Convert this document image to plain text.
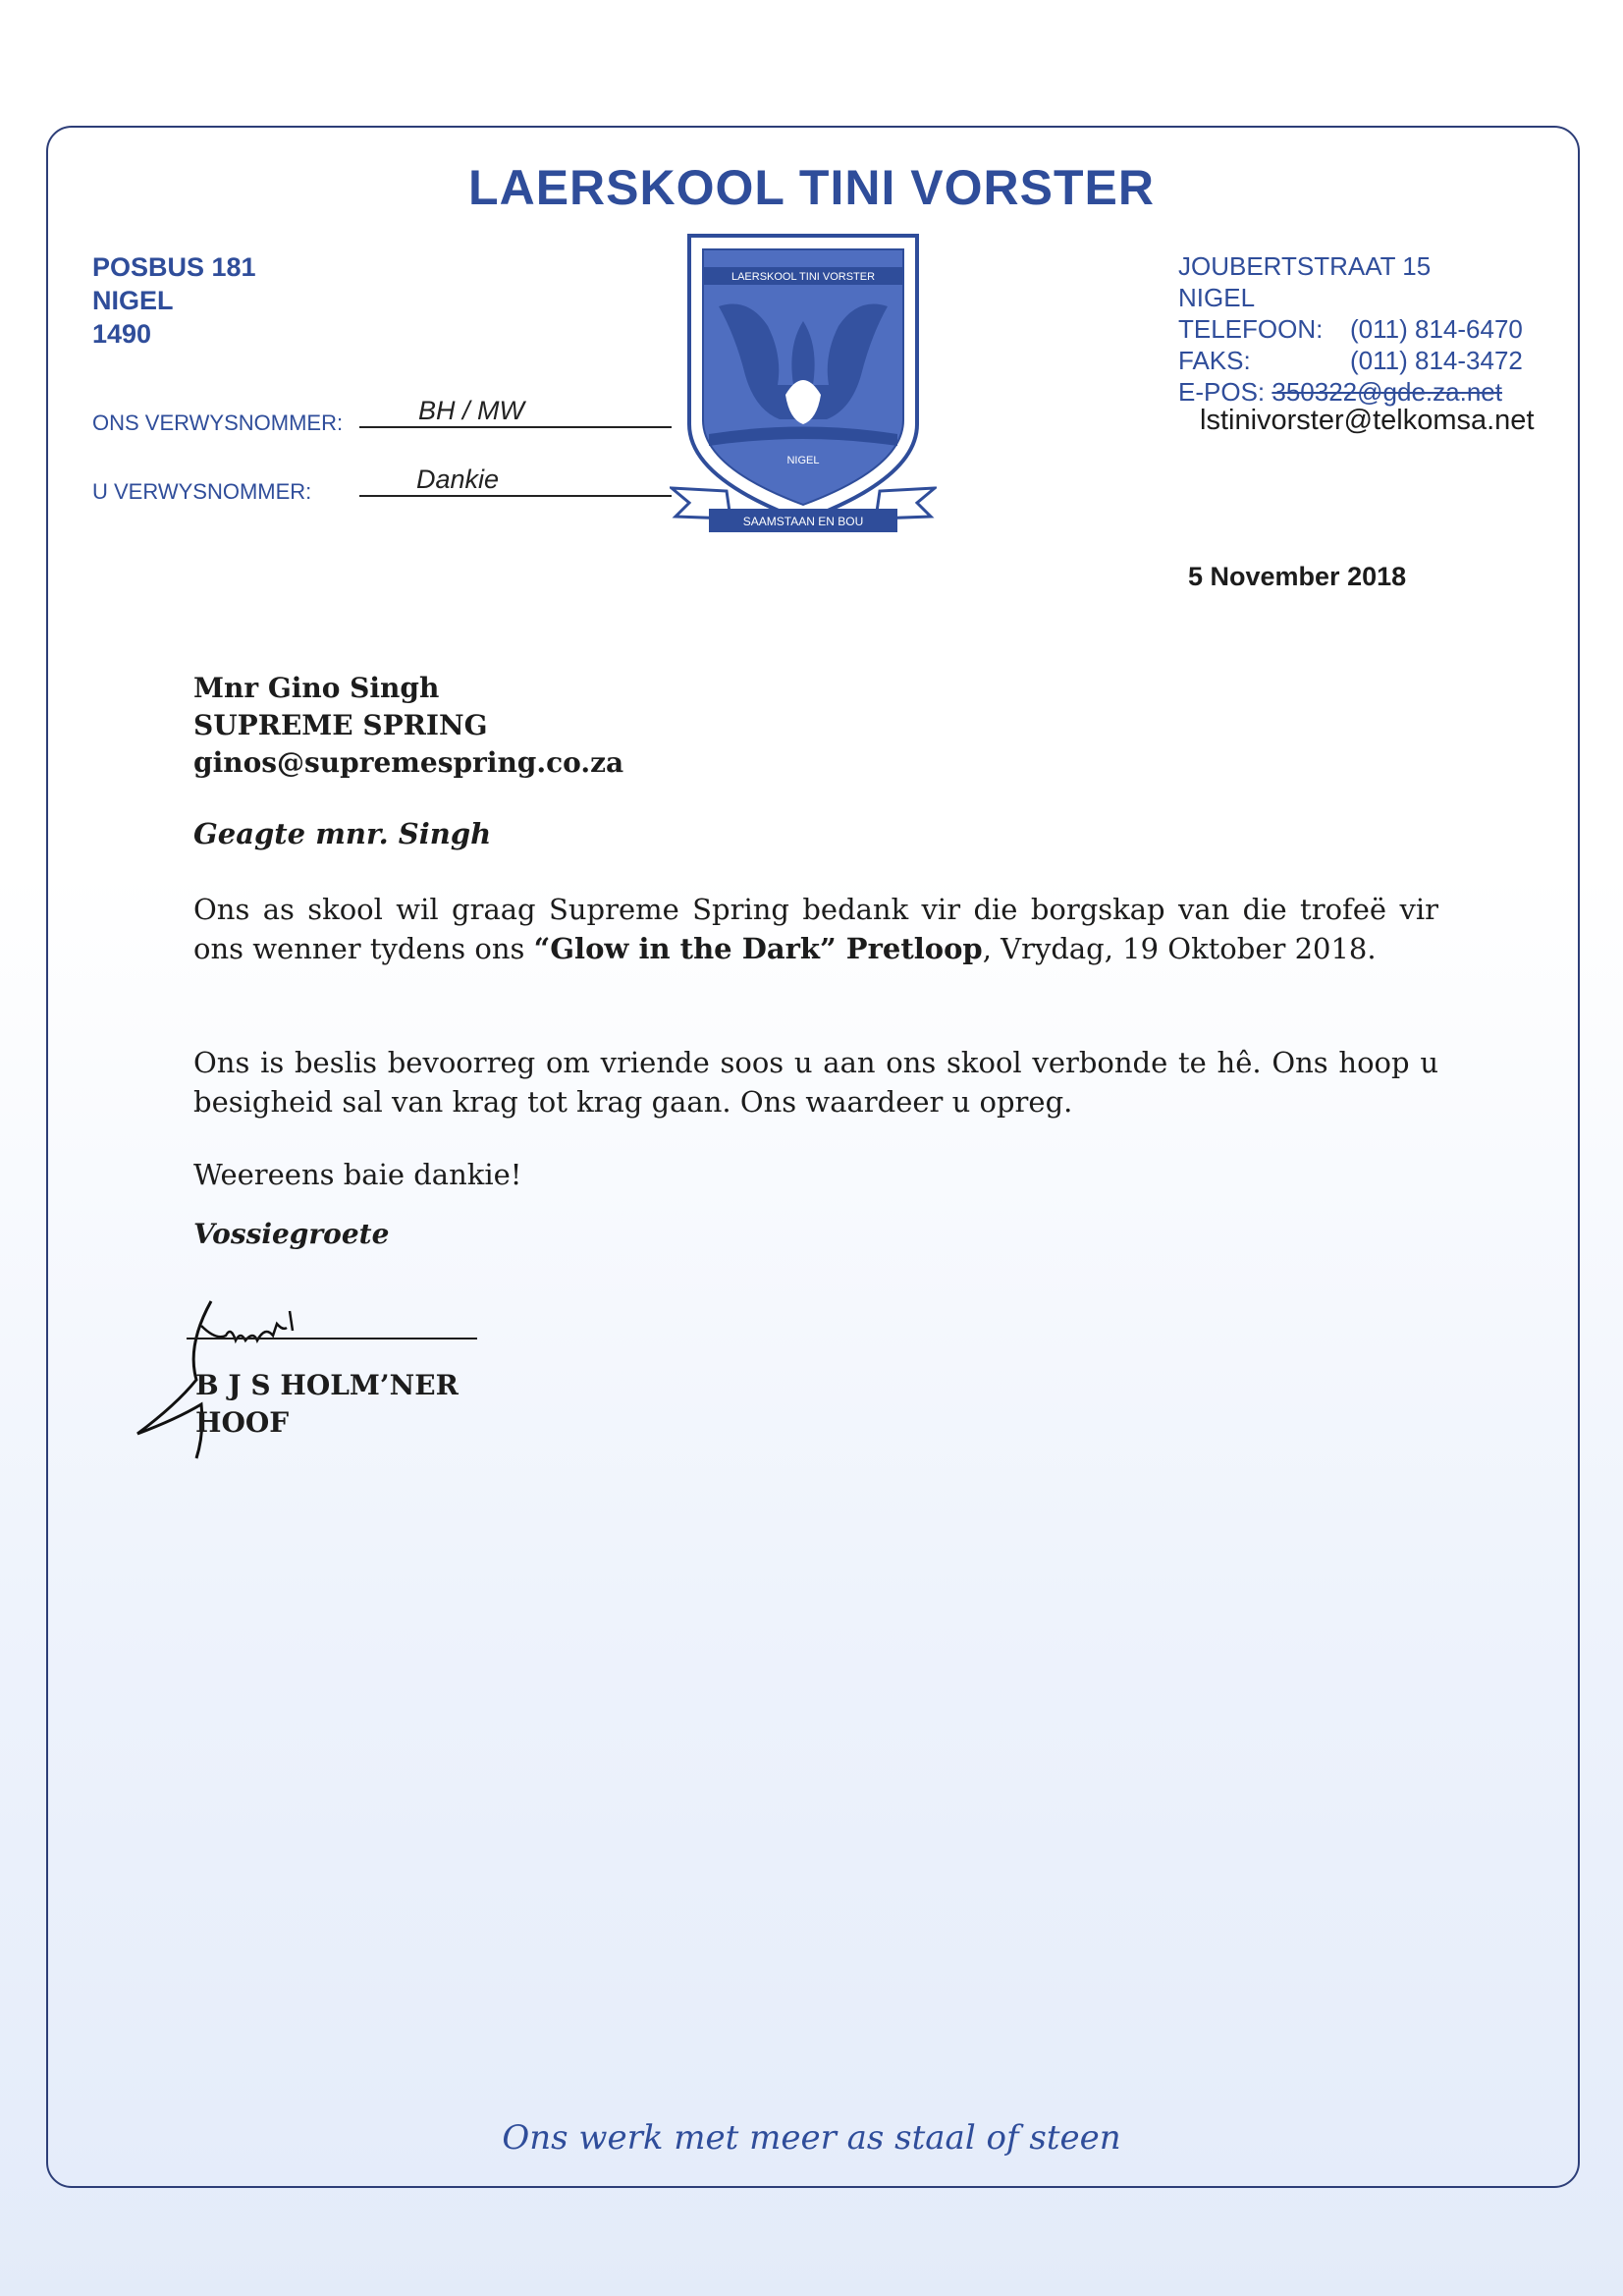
LAERSKOOL TINI VORSTER
POSBUS 181
NIGEL
1490
ONS VERWYSNOMMER:	BH / MW
U VERWYSNOMMER:	Dankie
LAERSKOOL TINI VORSTER
NIGEL
SAAMSTAAN EN BOU
JOUBERTSTRAAT 15
NIGEL
TELEFOON: (011) 814-6470
FAKS:	(011) 814-3472
E-POS: 350322@gde.za.net
lstinivorster@telkomsa.net
5 November 2018
Mnr Gino Singh
SUPREME SPRING
ginos@supremespring.co.za
Geagte mnr. Singh
Ons as skool wil graag Supreme Spring bedank vir die borgskap van die trofeë vir ons wenner tydens ons “Glow in the Dark” Pretloop, Vrydag, 19 Oktober 2018.
Ons is beslis bevoorreg om vriende soos u aan ons skool verbonde te hê. Ons hoop u besigheid sal van krag tot krag gaan. Ons waardeer u opreg.
Weereens baie dankie!
Vossiegroete
B J S HOLM’NER
HOOF
Ons werk met meer as staal of steen
